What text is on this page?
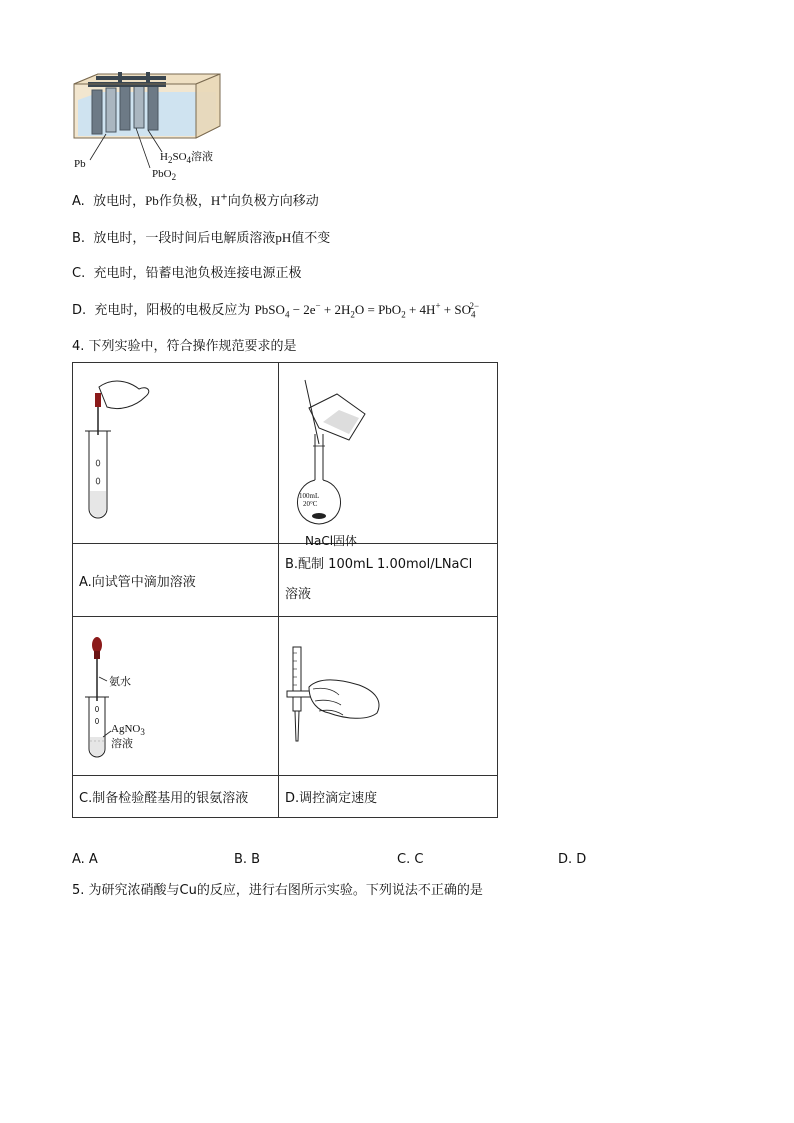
Pb
PbO$_2$
$H_2SO_4$溶液
A. 放电时，Pb作负极，H+向负极方向移动
B. 放电时，一段时间后电解质溶液pH值不变
C. 充电时，铅蓄电池负极连接电源正极
D. 充电时，阳极的电极反应为 PbSO$_4$ − $2e^- + 2H_2O = PbO_2 + 4H^+ + SO_4^{2-}$
4. 下列实验中，符合操作规范要求的是

100mL
20°C
NaCl固体

A.向试管中滴加溶液	B.配制 100mL 1.00mol/LNaCl
溶液

氨水
AgNO$_3$
溶液

C.制备检验醛基用的银氨溶液	D.调控滴定速度
A. A	B. B	C. C	D. D
5. 为研究浓硝酸与Cu的反应，进行右图所示实验。下列说法不正确的是
